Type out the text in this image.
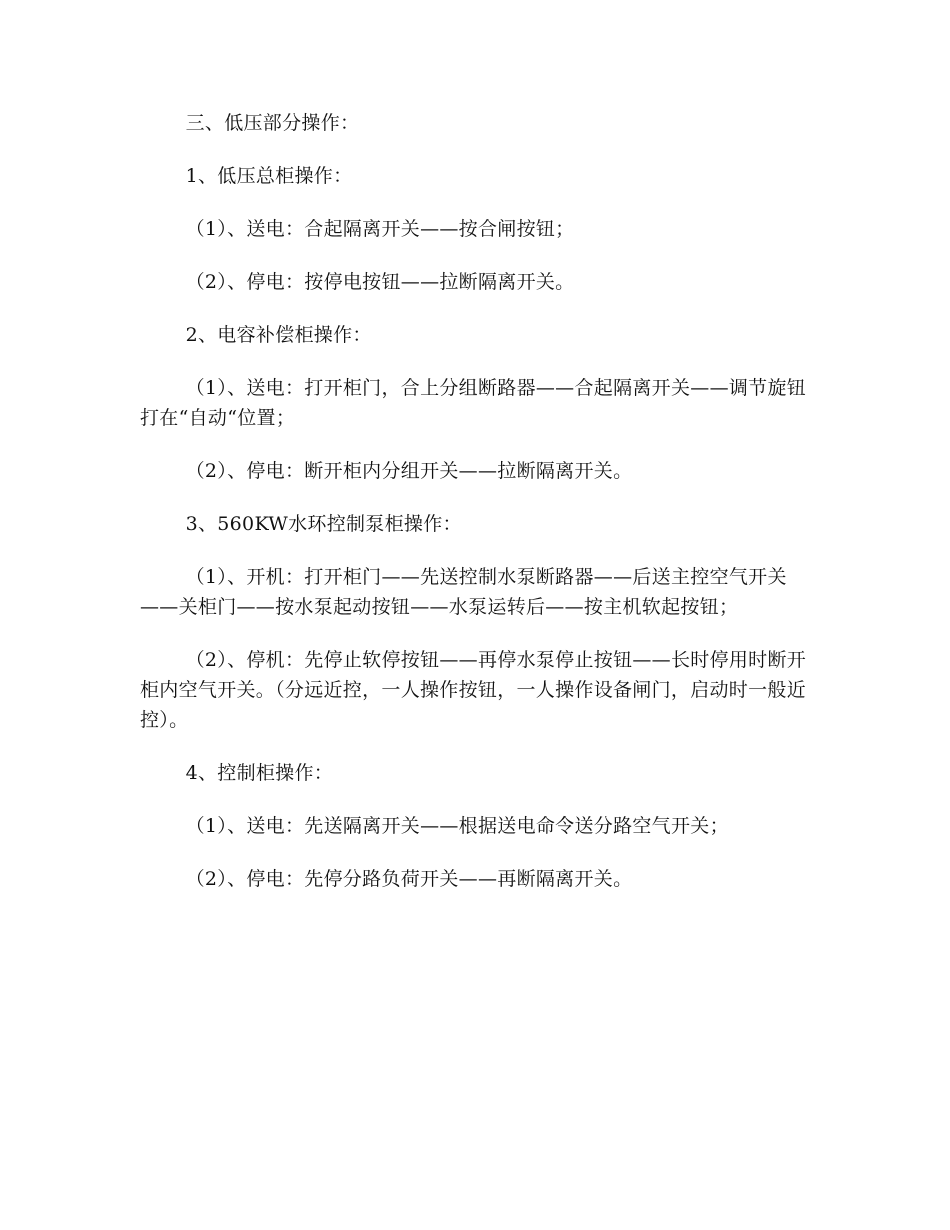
三、低压部分操作：

1、低压总柜操作：

（1）、送电：合起隔离开关——按合闸按钮；

（2）、停电：按停电按钮——拉断隔离开关。

2、电容补偿柜操作：

（1）、送电：打开柜门，合上分组断路器——合起隔离开关——调节旋钮打在“自动“位置；

（2）、停电：断开柜内分组开关——拉断隔离开关。

3、560KW水环控制泵柜操作：

（1）、开机：打开柜门——先送控制水泵断路器——后送主控空气开关——关柜门——按水泵起动按钮——水泵运转后——按主机软起按钮；

（2）、停机：先停止软停按钮——再停水泵停止按钮——长时停用时断开柜内空气开关。（分远近控，一人操作按钮，一人操作设备闸门，启动时一般近控）。

4、控制柜操作：

（1）、送电：先送隔离开关——根据送电命令送分路空气开关；

（2）、停电：先停分路负荷开关——再断隔离开关。
